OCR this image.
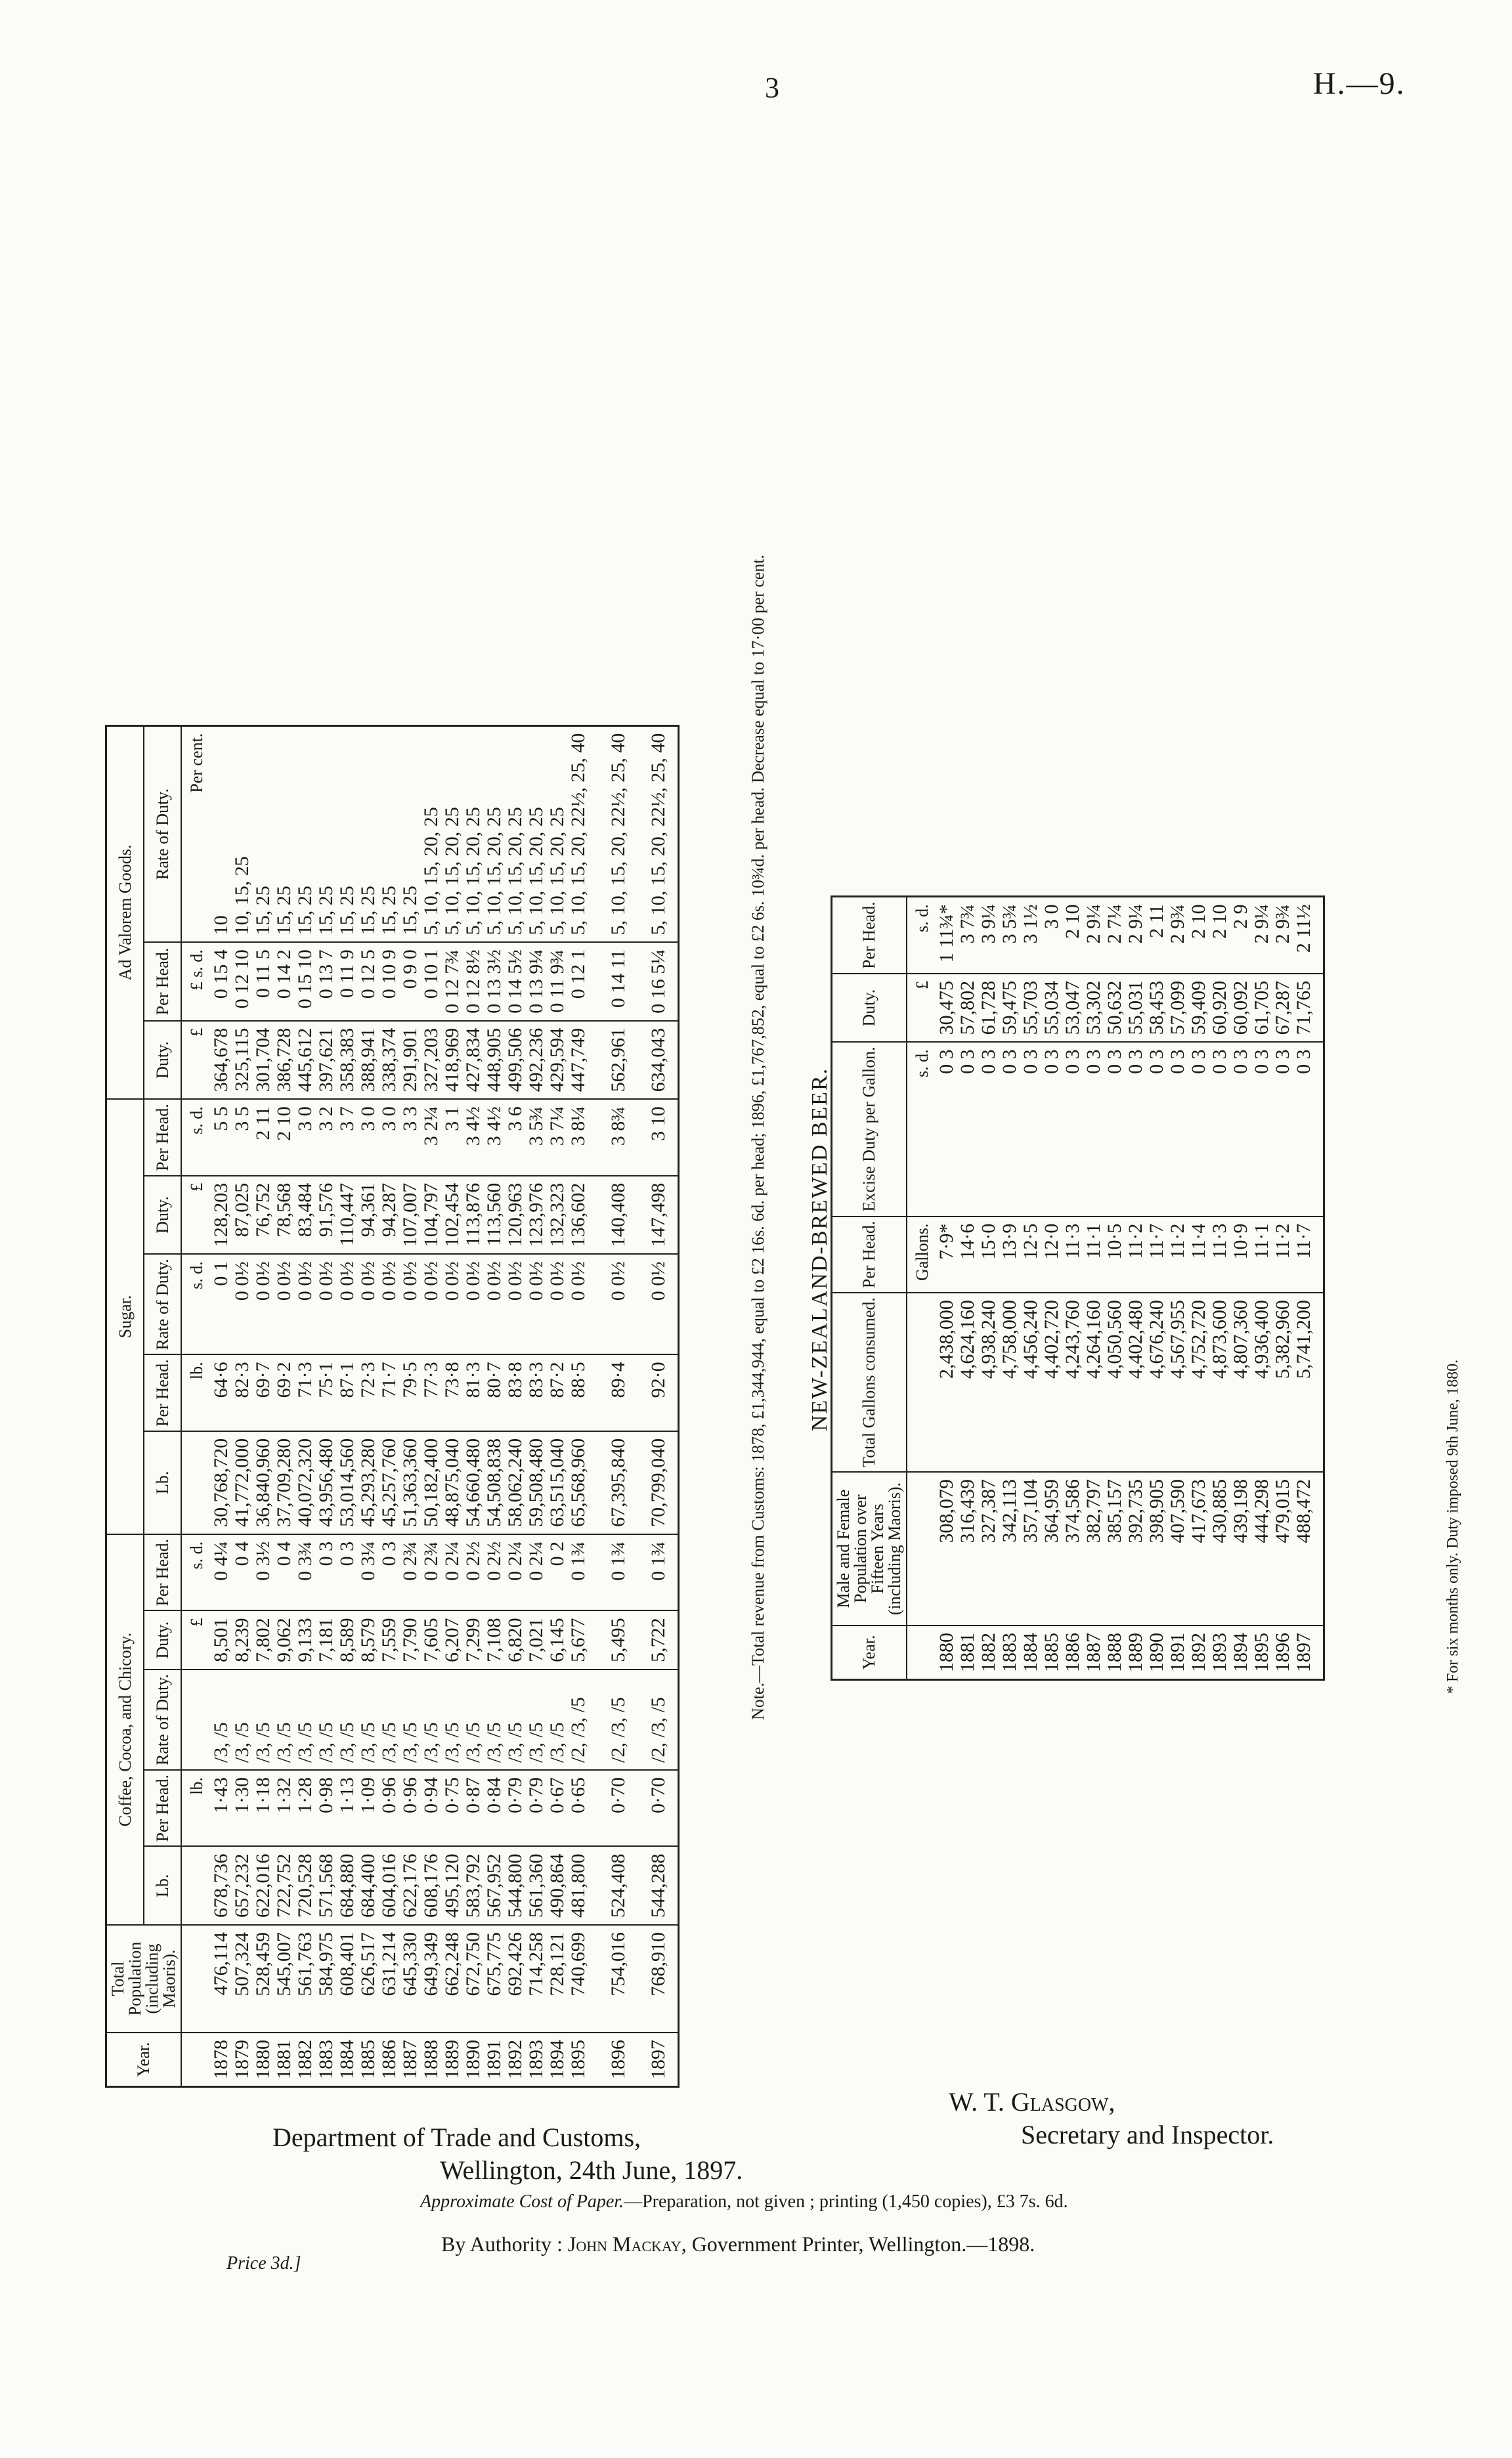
3	H.—9.
Year.	Total Population (including Maoris).	Coffee, Cocoa, and Chicory.					Sugar.					Ad Valorem Goods.		
		Lb.	Per Head.	Rate of Duty.	Duty.	Per Head.	Lb.	Per Head.	Rate of Duty.	Duty.	Per Head.	Duty.	Per Head.	Rate of Duty.
			lb.		£	s. d.		lb.	s. d.	£	s. d.	£	£ s. d.	Per cent.
1878	476,114	678,736	1·43	/3, /5	8,501	0 4¼	30,768,720	64·6	0 1	128,203	5 5	364,678	0 15 4	10
1879	507,324	657,232	1·30	/3, /5	8,239	0 4	41,772,000	82·3	0 0½	87,025	3 5	325,115	0 12 10	10, 15, 25
1880	528,459	622,016	1·18	/3, /5	7,802	0 3½	36,840,960	69·7	0 0½	76,752	2 11	301,704	0 11 5	15, 25
1881	545,007	722,752	1·32	/3, /5	9,062	0 4	37,709,280	69·2	0 0½	78,568	2 10	386,728	0 14 2	15, 25
1882	561,763	720,528	1·28	/3, /5	9,133	0 3¾	40,072,320	71·3	0 0½	83,484	3 0	445,612	0 15 10	15, 25
1883	584,975	571,568	0·98	/3, /5	7,181	0 3	43,956,480	75·1	0 0½	91,576	3 2	397,621	0 13 7	15, 25
1884	608,401	684,880	1·13	/3, /5	8,589	0 3	53,014,560	87·1	0 0½	110,447	3 7	358,383	0 11 9	15, 25
1885	626,517	684,400	1·09	/3, /5	8,579	0 3¼	45,293,280	72·3	0 0½	94,361	3 0	388,941	0 12 5	15, 25
1886	631,214	604,016	0·96	/3, /5	7,559	0 3	45,257,760	71·7	0 0½	94,287	3 0	338,374	0 10 9	15, 25
1887	645,330	622,176	0·96	/3, /5	7,790	0 2¾	51,363,360	79·5	0 0½	107,007	3 3	291,901	0 9 0	15, 25
1888	649,349	608,176	0·94	/3, /5	7,605	0 2¾	50,182,400	77·3	0 0½	104,797	3 2¼	327,203	0 10 1	5, 10, 15, 20, 25
1889	662,248	495,120	0·75	/3, /5	6,207	0 2¼	48,875,040	73·8	0 0½	102,454	3 1	418,969	0 12 7¾	5, 10, 15, 20, 25
1890	672,750	583,792	0·87	/3, /5	7,299	0 2½	54,660,480	81·3	0 0½	113,876	3 4½	427,834	0 12 8½	5, 10, 15, 20, 25
1891	675,775	567,952	0·84	/3, /5	7,108	0 2½	54,508,838	80·7	0 0½	113,560	3 4½	448,905	0 13 3½	5, 10, 15, 20, 25
1892	692,426	544,800	0·79	/3, /5	6,820	0 2¼	58,062,240	83·8	0 0½	120,963	3 6	499,506	0 14 5½	5, 10, 15, 20, 25
1893	714,258	561,360	0·79	/3, /5	7,021	0 2¼	59,508,480	83·3	0 0½	123,976	3 5¾	492,236	0 13 9¼	5, 10, 15, 20, 25
1894	728,121	490,864	0·67	/3, /5	6,145	0 2	63,515,040	87·2	0 0½	132,323	3 7¼	429,594	0 11 9¾	5, 10, 15, 20, 25
1895	740,699	481,800	0·65	/2, /3, /5	5,677	0 1¾	65,568,960	88·5	0 0½	136,602	3 8¼	447,749	0 12 1	5, 10, 15, 20, 22½, 25, 40
1896	754,016	524,408	0·70	/2, /3, /5	5,495	0 1¾	67,395,840	89·4	0 0½	140,408	3 8¾	562,961	0 14 11	5, 10, 15, 20, 22½, 25, 40
1897	768,910	544,288	0·70	/2, /3, /5	5,722	0 1¾	70,799,040	92·0	0 0½	147,498	3 10	634,043	0 16 5¼	5, 10, 15, 20, 22½, 25, 40	Note.—Total revenue from Customs: 1878, £1,344,944, equal to £2 16s. 6d. per head; 1896, £1,767,852, equal to £2 6s. 10¾d. per head. Decrease equal to 17·00 per cent. NEW-ZEALAND-BREWED BEER.
Year.	Male and Female Population over Fifteen Years (including Maoris).	Total Gallons consumed.	Per Head.	Excise Duty per Gallon.	Duty.	Per Head.
			Gallons.	s. d.	£	s. d.
1880	308,079	2,438,000	7·9*	0 3	30,475	1 11¾*
1881	316,439	4,624,160	14·6	0 3	57,802	3 7¾
1882	327,387	4,938,240	15·0	0 3	61,728	3 9¼
1883	342,113	4,758,000	13·9	0 3	59,475	3 5¾
1884	357,104	4,456,240	12·5	0 3	55,703	3 1½
1885	364,959	4,402,720	12·0	0 3	55,034	3 0
1886	374,586	4,243,760	11·3	0 3	53,047	2 10
1887	382,797	4,264,160	11·1	0 3	53,302	2 9¼
1888	385,157	4,050,560	10·5	0 3	50,632	2 7¼
1889	392,735	4,402,480	11·2	0 3	55,031	2 9¼
1890	398,905	4,676,240	11·7	0 3	58,453	2 11
1891	407,590	4,567,955	11·2	0 3	57,099	2 9¾
1892	417,673	4,752,720	11·4	0 3	59,409	2 10
1893	430,885	4,873,600	11·3	0 3	60,920	2 10
1894	439,198	4,807,360	10·9	0 3	60,092	2 9
1895	444,298	4,936,400	11·1	0 3	61,705	2 9¼
1896	479,015	5,382,960	11·2	0 3	67,287	2 9¾
1897	488,472	5,741,200	11·7	0 3	71,765	2 11½
* For six months only. Duty imposed 9th June, 1880.
Department of Trade and Customs,
Wellington, 24th June, 1897.
W. T. Glasgow,
Secretary and Inspector.
Approximate Cost of Paper.—Preparation, not given ; printing (1,450 copies), £3 7s. 6d.
By Authority : John Mackay, Government Printer, Wellington.—1898.
Price 3d.]
